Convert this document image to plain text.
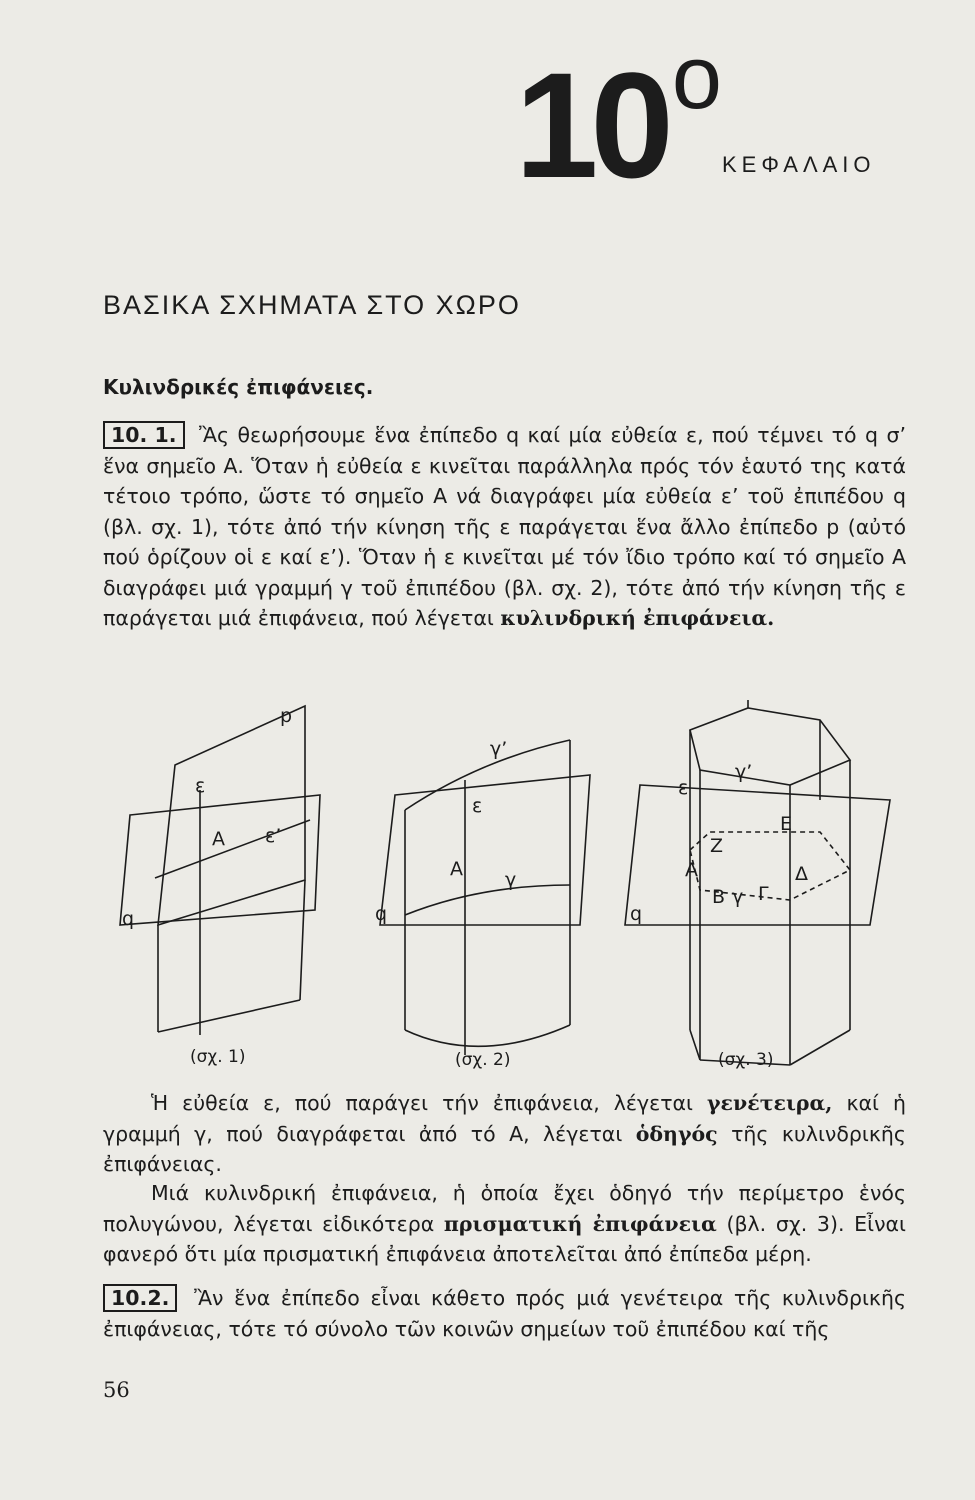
10$^o$
ΚΕΦΑΛΑΙΟ
ΒΑΣΙΚΑ ΣΧΗΜΑΤΑ ΣΤΟ ΧΩΡΟ
Κυλινδρικές ἐπιφάνειες.

10. 1. Ἂς θεωρήσουμε ἕνα ἐπίπεδο q καί μία εὐθεία ε, πού τέμνει τό q σ’ ἕνα σημεῖο Α. Ὅταν ἡ εὐθεία ε κινεῖται παράλληλα πρός τόν ἑαυτό της κατά τέτοιο τρόπο, ὥστε τό σημεῖο Α νά διαγράφει μία εὐθεία ε’ τοῦ ἐπιπέδου q (βλ. σχ. 1), τότε ἀπό τήν κίνηση τῆς ε παράγεται ἕνα ἄλλο ἐπίπεδο p (αὐτό πού ὁρίζουν οἱ ε καί ε’). Ὅταν ἡ ε κινεῖται μέ τόν ἴδιο τρόπο καί τό σημεῖο Α διαγράφει μιά γραμμή γ τοῦ ἐπιπέδου (βλ. σχ. 2), τότε ἀπό τήν κίνηση τῆς ε παράγεται μιά ἐπιφάνεια, πού λέγεται κυλινδρική ἐπιφάνεια.

p
ε
Α ε’
q
(σχ. 1)
γ’
ε
Α γ
q
(σχ. 2)
γ’
ε
Ε
Ζ
Α	Δ
Β γ Γ
q
(σχ. 3)

Ἡ εὐθεία ε, πού παράγει τήν ἐπιφάνεια, λέγεται γενέτειρα, καί ἡ γραμμή γ, πού διαγράφεται ἀπό τό Α, λέγεται ὁδηγός τῆς κυλινδρικῆς ἐπιφάνειας.

Μιά κυλινδρική ἐπιφάνεια, ἡ ὁποία ἔχει ὁδηγό τήν περίμετρο ἑνός πολυγώνου, λέγεται εἰδικότερα πρισματική ἐπιφάνεια (βλ. σχ. 3). Εἶναι φανερό ὅτι μία πρισματική ἐπιφάνεια ἀποτελεῖται ἀπό ἐπίπεδα μέρη.

10.2. Ἂν ἕνα ἐπίπεδο εἶναι κάθετο πρός μιά γενέτειρα τῆς κυλινδρικῆς ἐπιφάνειας, τότε τό σύνολο τῶν κοινῶν σημείων τοῦ ἐπιπέδου καί τῆς

56
